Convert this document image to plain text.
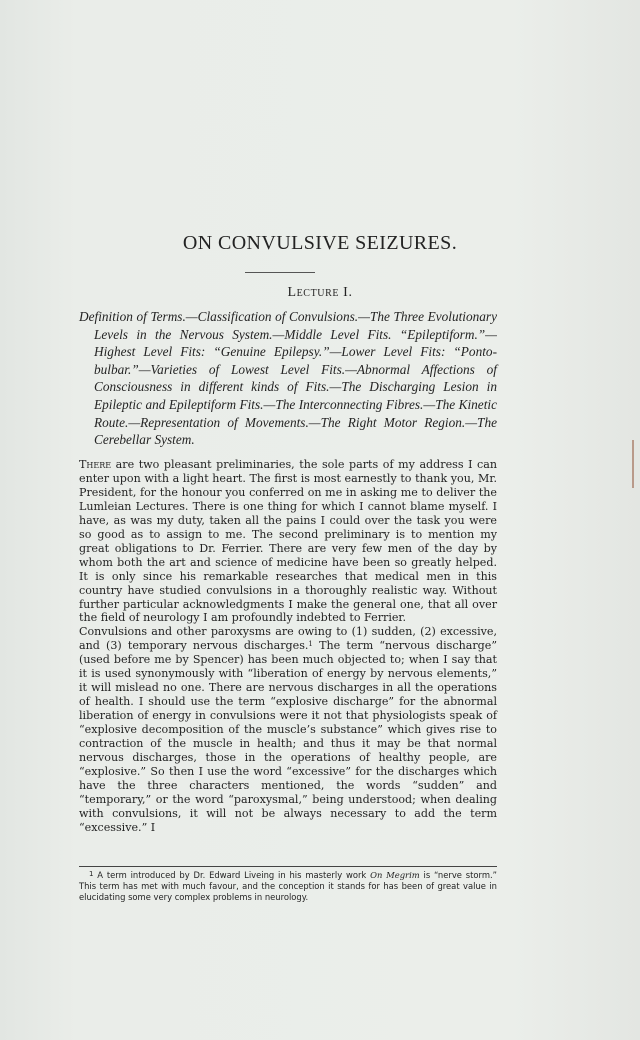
ON CONVULSIVE SEIZURES.
Lecture I.
Definition of Terms.—Classification of Convulsions.—The Three Evolutionary Levels in the Nervous System.—Middle Level Fits. “Epileptiform.”—Highest Level Fits: “Genuine Epilepsy.”—Lower Level Fits: “Ponto-bulbar.”—Varieties of Lowest Level Fits.—Abnormal Affections of Consciousness in different kinds of Fits.—The Discharging Lesion in Epileptic and Epileptiform Fits.—The Interconnecting Fibres.—The Kinetic Route.—Representation of Movements.—The Right Motor Region.—The Cerebellar System.

There are two pleasant preliminaries, the sole parts of my address I can enter upon with a light heart. The first is most earnestly to thank you, Mr. President, for the honour you conferred on me in asking me to deliver the Lumleian Lectures. There is one thing for which I cannot blame myself. I have, as was my duty, taken all the pains I could over the task you were so good as to assign to me. The second preliminary is to mention my great obligations to Dr. Ferrier. There are very few men of the day by whom both the art and science of medicine have been so greatly helped. It is only since his remarkable researches that medical men in this country have studied convulsions in a thoroughly realistic way. Without further particular acknowledgments I make the general one, that all over the field of neurology I am profoundly indebted to Ferrier.

Convulsions and other paroxysms are owing to (1) sudden, (2) excessive, and (3) temporary nervous discharges.$^1$ The term “nervous discharge” (used before me by Spencer) has been much objected to; when I say that it is used synonymously with “liberation of energy by nervous elements,” it will mislead no one. There are nervous discharges in all the operations of health. I should use the term “explosive discharge” for the abnormal liberation of energy in convulsions were it not that physiologists speak of “explosive decomposition of the muscle’s substance” which gives rise to contraction of the muscle in health; and thus it may be that normal nervous discharges, those in the operations of healthy people, are “explosive.” So then I use the word “excessive” for the discharges which have the three characters mentioned, the words “sudden” and “temporary,” or the word “paroxysmal,” being understood; when dealing with convulsions, it will not be always necessary to add the term “excessive.” I

$^1$ A term introduced by Dr. Edward Liveing in his masterly work On Megrim is “nerve storm.” This term has met with much favour, and the conception it stands for has been of great value in elucidating some very complex problems in neurology.
